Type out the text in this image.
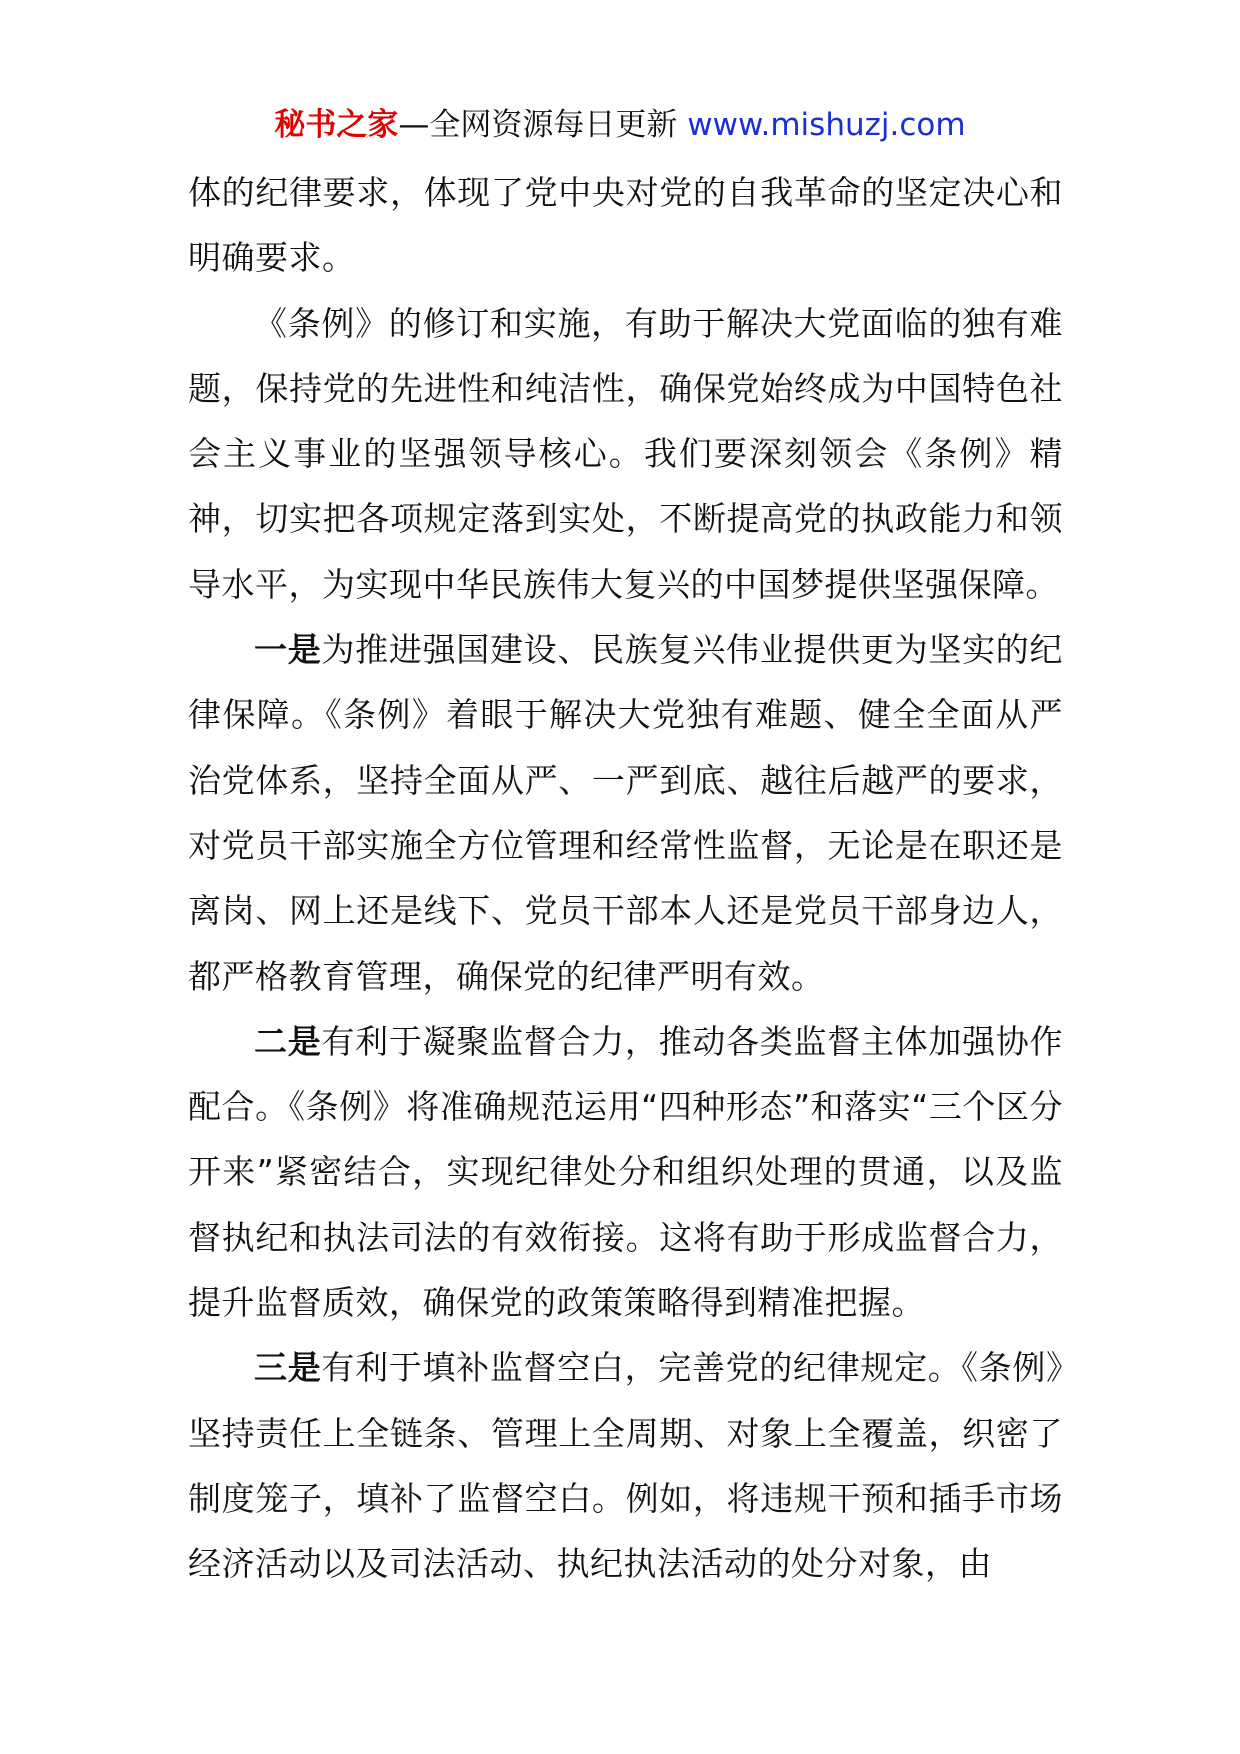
秘书之家—全网资源每日更新 www.mishuzj.com

体的纪律要求，体现了党中央对党的自我革命的坚定决心和明确要求。

《条例》的修订和实施，有助于解决大党面临的独有难题，保持党的先进性和纯洁性，确保党始终成为中国特色社会主义事业的坚强领导核心。我们要深刻领会《条例》精神，切实把各项规定落到实处，不断提高党的执政能力和领导水平，为实现中华民族伟大复兴的中国梦提供坚强保障。

一是为推进强国建设、民族复兴伟业提供更为坚实的纪律保障。《条例》着眼于解决大党独有难题、健全全面从严治党体系，坚持全面从严、一严到底、越往后越严的要求，对党员干部实施全方位管理和经常性监督，无论是在职还是离岗、网上还是线下、党员干部本人还是党员干部身边人，都严格教育管理，确保党的纪律严明有效。

二是有利于凝聚监督合力，推动各类监督主体加强协作配合。《条例》将准确规范运用“四种形态”和落实“三个区分开来”紧密结合，实现纪律处分和组织处理的贯通，以及监督执纪和执法司法的有效衔接。这将有助于形成监督合力，提升监督质效，确保党的政策策略得到精准把握。

三是有利于填补监督空白，完善党的纪律规定。《条例》坚持责任上全链条、管理上全周期、对象上全覆盖，织密了制度笼子，填补了监督空白。例如，将违规干预和插手市场经济活动以及司法活动、执纪执法活动的处分对象，由
